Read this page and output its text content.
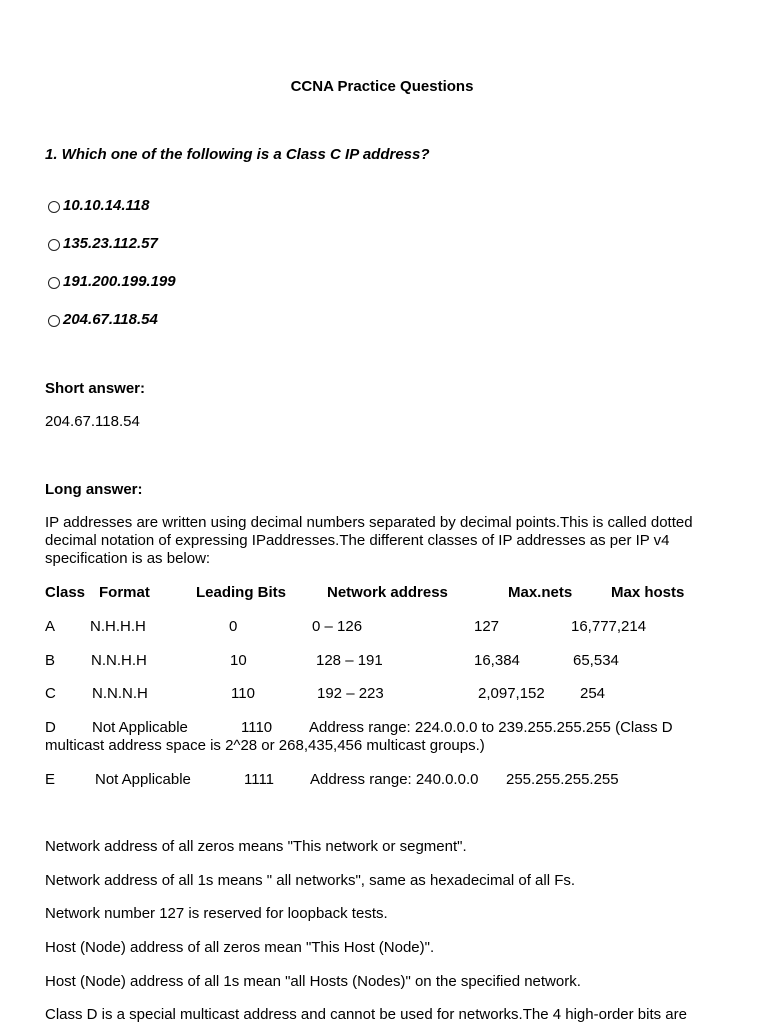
CCNA Practice Questions
1. Which one of the following is a Class C IP address?
10.10.14.118
135.23.112.57
191.200.199.199
204.67.118.54
Short answer:
204.67.118.54
Long answer:
IP addresses are written using decimal numbers separated by decimal points.This is called dotted decimal notation of expressing IPaddresses.The different classes of IP addresses as per IP v4 specification is as below:
Class Format	Leading Bits	Network address	Max.nets	Max hosts
A N.H.H.H	0	0 – 126	127	16,777,214
B N.N.H.H	10	128 – 191	16,384	65,534
C N.N.N.H	110	192 – 223	2,097,152 254
D Not Applicable	1110 Address range: 224.0.0.0 to 239.255.255.255 (Class D
multicast address space is 2^28 or 268,435,456 multicast groups.)
E	Not Applicable	1111 Address range: 240.0.0.0 255.255.255.255
Network address of all zeros means "This network or segment".
Network address of all 1s means " all networks", same as hexadecimal of all Fs.
Network number 127 is reserved for loopback tests.
Host (Node) address of all zeros mean "This Host (Node)".
Host (Node) address of all 1s mean "all Hosts (Nodes)" on the specified network.
Class D is a special multicast address and cannot be used for networks.The 4 high-order bits are
